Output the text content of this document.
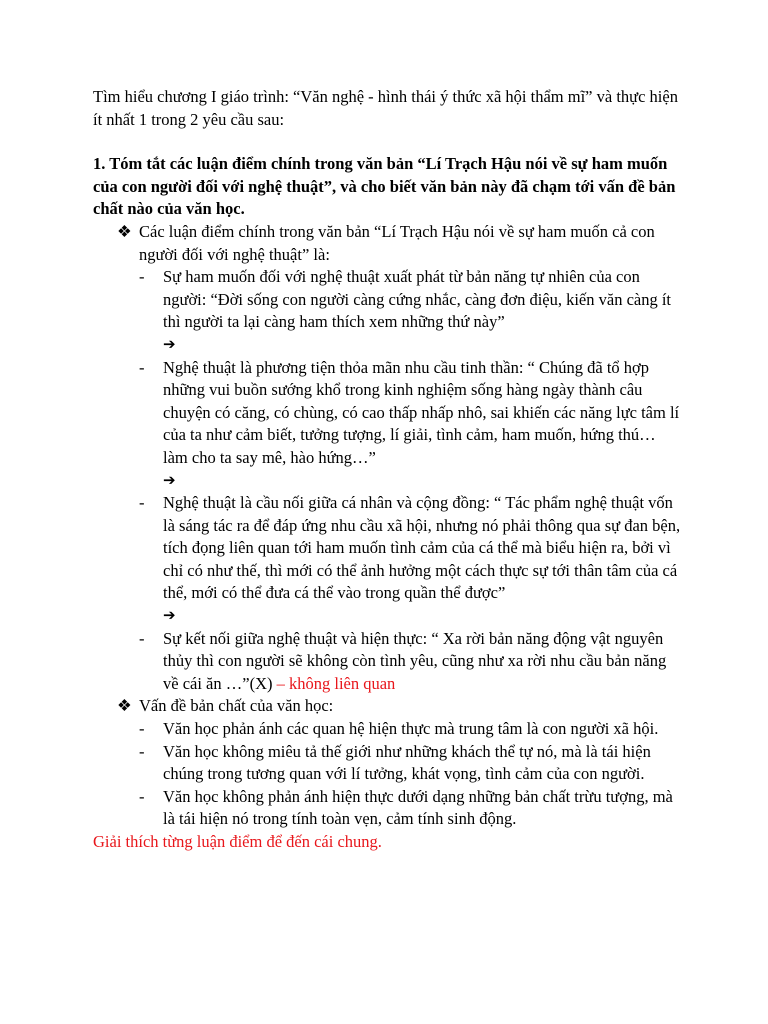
Tìm hiểu chương I giáo trình: “Văn nghệ - hình thái ý thức xã hội thẩm mĩ” và thực hiện ít nhất 1 trong 2 yêu cầu sau:

1. Tóm tắt các luận điểm chính trong văn bản “Lí Trạch Hậu nói về sự ham muốn của con người đối với nghệ thuật”, và cho biết văn bản này đã chạm tới vấn đề bản chất nào của văn học.

❖ Các luận điểm chính trong văn bản “Lí Trạch Hậu nói về sự ham muốn cả con người đối với nghệ thuật” là:
- Sự ham muốn đối với nghệ thuật xuất phát từ bản năng tự nhiên của con người: “Đời sống con người càng cứng nhắc, càng đơn điệu, kiến văn càng ít thì người ta lại càng ham thích xem những thứ này”

➔

- Nghệ thuật là phương tiện thỏa mãn nhu cầu tinh thần: “ Chúng đã tổ hợp những vui buồn sướng khổ trong kinh nghiệm sống hàng ngày thành câu chuyện có căng, có chùng, có cao thấp nhấp nhô, sai khiến các năng lực tâm lí của ta như cảm biết, tưởng tượng, lí giải, tình cảm, ham muốn, hứng thú… làm cho ta say mê, hào hứng…”

➔

- Nghệ thuật là cầu nối giữa cá nhân và cộng đồng: “ Tác phẩm nghệ thuật vốn là sáng tác ra để đáp ứng nhu cầu xã hội, nhưng nó phải thông qua sự đan bện, tích đọng liên quan tới ham muốn tình cảm của cá thể mà biểu hiện ra, bởi vì chỉ có như thế, thì mới có thể ảnh hưởng một cách thực sự tới thân tâm của cá thể, mới có thể đưa cá thể vào trong quần thể được”

➔

- Sự kết nối giữa nghệ thuật và hiện thực: “ Xa rời bản năng động vật nguyên thủy thì con người sẽ không còn tình yêu, cũng như xa rời nhu cầu bản năng về cái ăn …”(X) – không liên quan
❖ Vấn đề bản chất của văn học:
- Văn học phản ánh các quan hệ hiện thực mà trung tâm là con người xã hội.
- Văn học không miêu tả thế giới như những khách thể tự nó, mà là tái hiện chúng trong tương quan với lí tưởng, khát vọng, tình cảm của con người.
- Văn học không phản ánh hiện thực dưới dạng những bản chất trừu tượng, mà là tái hiện nó trong tính toàn vẹn, cảm tính sinh động.

Giải thích từng luận điểm để đến cái chung.
